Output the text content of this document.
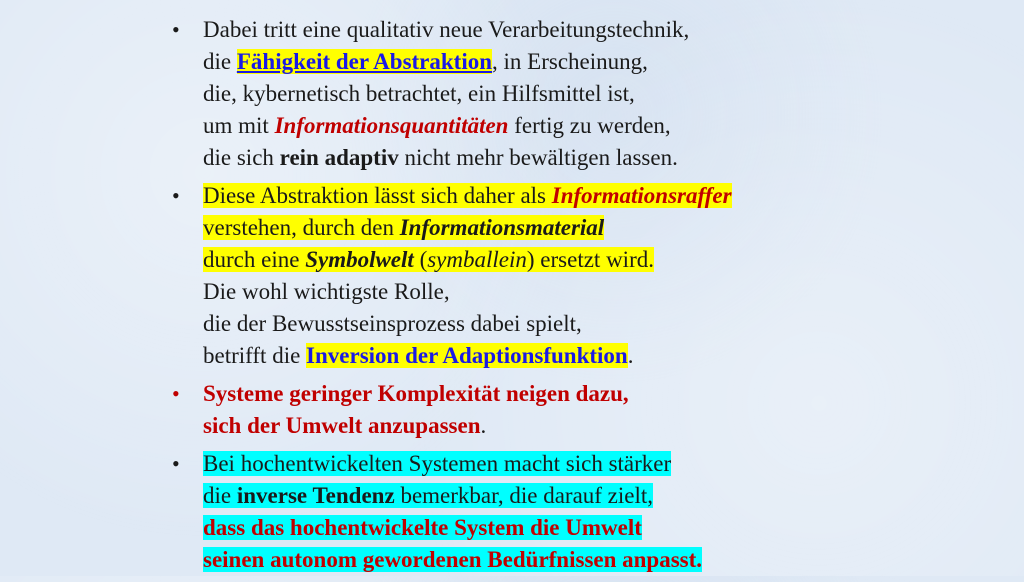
• Dabei tritt eine qualitativ neue Verarbeitungstechnik,
die Fähigkeit der Abstraktion, in Erscheinung,
die, kybernetisch betrachtet, ein Hilfsmittel ist,
um mit Informationsquantitäten fertig zu werden,
die sich rein adaptiv nicht mehr bewältigen lassen.
• Diese Abstraktion lässt sich daher als Informationsraffer
verstehen, durch den Informationsmaterial
durch eine Symbolwelt (symballein) ersetzt wird.
Die wohl wichtigste Rolle,
die der Bewusstseinsprozess dabei spielt,
betrifft die Inversion der Adaptionsfunktion.
• Systeme geringer Komplexität neigen dazu,
sich der Umwelt anzupassen.
• Bei hochentwickelten Systemen macht sich stärker
die inverse Tendenz bemerkbar, die darauf zielt,
dass das hochentwickelte System die Umwelt
seinen autonom gewordenen Bedürfnissen anpasst.
